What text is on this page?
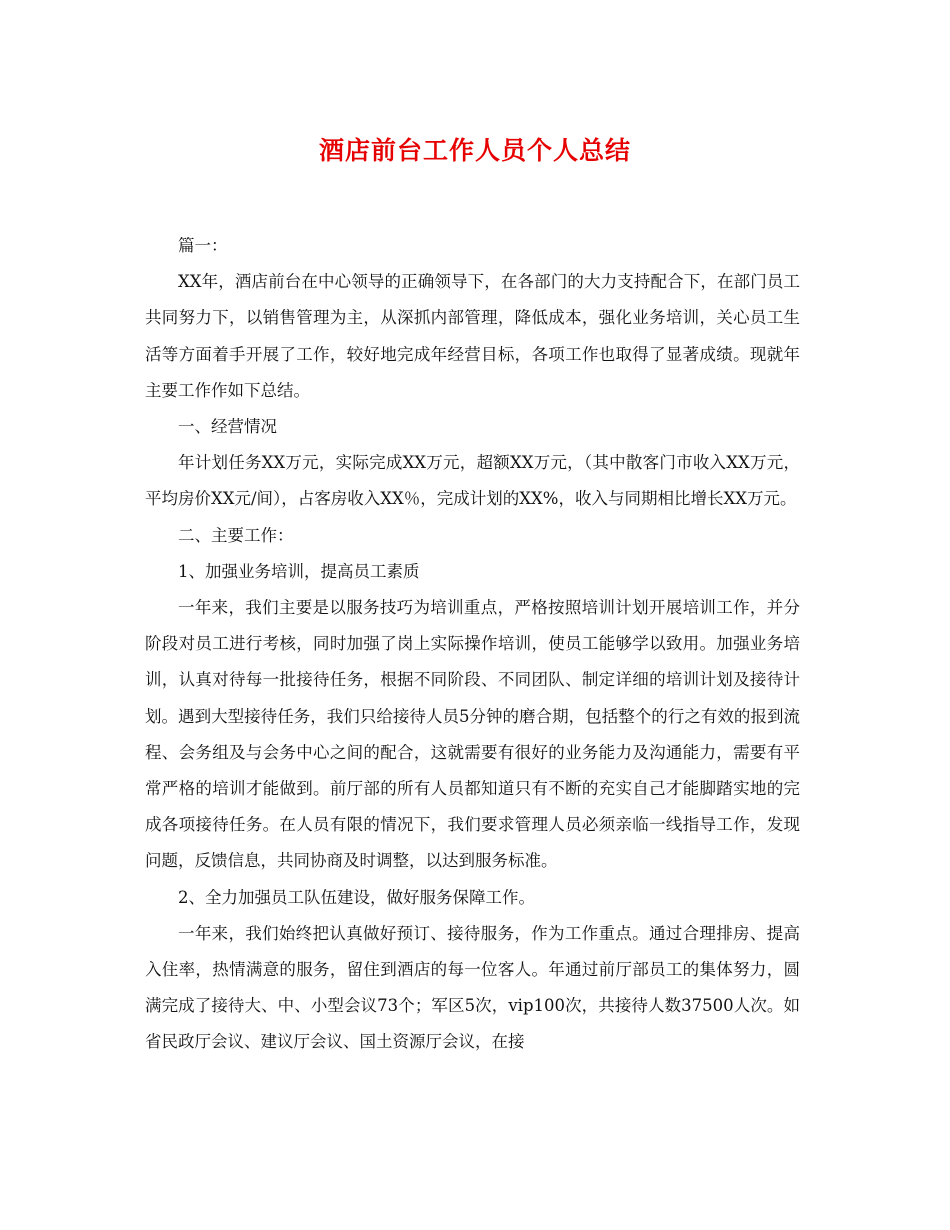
酒店前台工作人员个人总结

篇一：

XX年，酒店前台在中心领导的正确领导下，在各部门的大力支持配合下，在部门员工共同努力下，以销售管理为主，从深抓内部管理，降低成本，强化业务培训，关心员工生活等方面着手开展了工作，较好地完成年经营目标，各项工作也取得了显著成绩。现就年主要工作作如下总结。

一、经营情况

年计划任务XX万元，实际完成XX万元，超额XX万元，（其中散客门市收入XX万元，平均房价XX元/间），占客房收入XX％，完成计划的XX%，收入与同期相比增长XX万元。

二、主要工作：

1、加强业务培训，提高员工素质

一年来，我们主要是以服务技巧为培训重点，严格按照培训计划开展培训工作，并分阶段对员工进行考核，同时加强了岗上实际操作培训，使员工能够学以致用。加强业务培训，认真对待每一批接待任务，根据不同阶段、不同团队、制定详细的培训计划及接待计划。遇到大型接待任务，我们只给接待人员5分钟的磨合期，包括整个的行之有效的报到流程、会务组及与会务中心之间的配合，这就需要有很好的业务能力及沟通能力，需要有平常严格的培训才能做到。前厅部的所有人员都知道只有不断的充实自己才能脚踏实地的完成各项接待任务。在人员有限的情况下，我们要求管理人员必须亲临一线指导工作，发现问题，反馈信息，共同协商及时调整，以达到服务标准。

2、全力加强员工队伍建设，做好服务保障工作。

一年来，我们始终把认真做好预订、接待服务，作为工作重点。通过合理排房、提高入住率，热情满意的服务，留住到酒店的每一位客人。年通过前厅部员工的集体努力，圆满完成了接待大、中、小型会议73个；军区5次，vip100次，共接待人数37500人次。如省民政厅会议、建议厅会议、国土资源厅会议，在接
